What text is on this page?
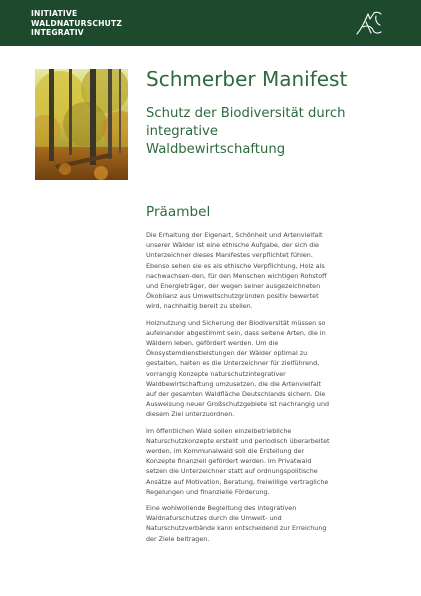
INITIATIVE
WALDNATURSCHUTZ
INTEGRATIV
Schmerber Manifest
Schutz der Biodiversität durch
integrative
Waldbewirtschaftung
Präambel

Die Erhaltung der Eigenart, Schönheit und Artenvielfalt
unserer Wälder ist eine ethische Aufgabe, der sich die
Unterzeichner dieses Manifestes verpflichtet fühlen.
Ebenso sehen sie es als ethische Verpflichtung, Holz als
nachwachsen-den, für den Menschen wichtigen Rohstoff
und Energieträger, der wegen seiner ausgezeichneten
Ökobilanz aus Umweltschutzgründen positiv bewertet
wird, nachhaltig bereit zu stellen.

Holznutzung und Sicherung der Biodiversität müssen so
aufeinander abgestimmt sein, dass seltene Arten, die in
Wäldern leben, gefördert werden. Um die
Ökosystemdienstleistungen der Wälder optimal zu
gestalten, halten es die Unterzeichner für zielführend,
vorrangig Konzepte naturschutzintegrativer
Waldbewirtschaftung umzusetzen, die die Artenvielfalt
auf der gesamten Waldfläche Deutschlands sichern. Die
Ausweisung neuer Großschutzgebiete ist nachrangig und
diesem Ziel unterzuordnen.

Im öffentlichen Wald sollen einzelbetriebliche
Naturschutzkonzepte erstellt und periodisch überarbeitet
werden, im Kommunalwald soll die Erstellung der
Konzepte finanziell gefördert werden. Im Privatwald
setzen die Unterzeichner statt auf ordnungspolitische
Ansätze auf Motivation, Beratung, freiwillige vertragliche
Regelungen und finanzielle Förderung.

Eine wohlwollende Begleitung des integrativen
Waldnaturschutzes durch die Umwelt- und
Naturschutzverbände kann entscheidend zur Erreichung
der Ziele beitragen.
